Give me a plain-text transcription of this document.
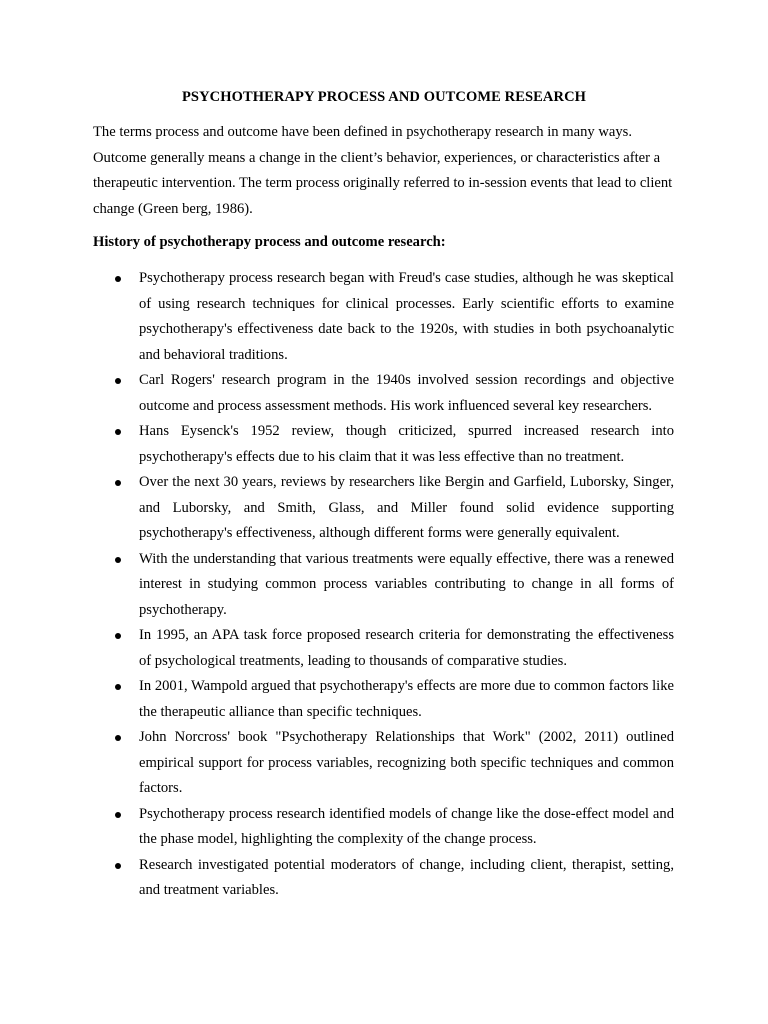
PSYCHOTHERAPY PROCESS AND OUTCOME RESEARCH

The terms process and outcome have been defined in psychotherapy research in many ways. Outcome generally means a change in the client’s behavior, experiences, or characteristics after a therapeutic intervention. The term process originally referred to in-session events that lead to client change (Green berg, 1986).

History of psychotherapy process and outcome research:

Psychotherapy process research began with Freud's case studies, although he was skeptical of using research techniques for clinical processes. Early scientific efforts to examine psychotherapy's effectiveness date back to the 1920s, with studies in both psychoanalytic and behavioral traditions.
Carl Rogers' research program in the 1940s involved session recordings and objective outcome and process assessment methods. His work influenced several key researchers.
Hans Eysenck's 1952 review, though criticized, spurred increased research into psychotherapy's effects due to his claim that it was less effective than no treatment.
Over the next 30 years, reviews by researchers like Bergin and Garfield, Luborsky, Singer, and Luborsky, and Smith, Glass, and Miller found solid evidence supporting psychotherapy's effectiveness, although different forms were generally equivalent.
With the understanding that various treatments were equally effective, there was a renewed interest in studying common process variables contributing to change in all forms of psychotherapy.
In 1995, an APA task force proposed research criteria for demonstrating the effectiveness of psychological treatments, leading to thousands of comparative studies.
In 2001, Wampold argued that psychotherapy's effects are more due to common factors like the therapeutic alliance than specific techniques.
John Norcross' book "Psychotherapy Relationships that Work" (2002, 2011) outlined empirical support for process variables, recognizing both specific techniques and common factors.
Psychotherapy process research identified models of change like the dose-effect model and the phase model, highlighting the complexity of the change process.
Research investigated potential moderators of change, including client, therapist, setting, and treatment variables.
